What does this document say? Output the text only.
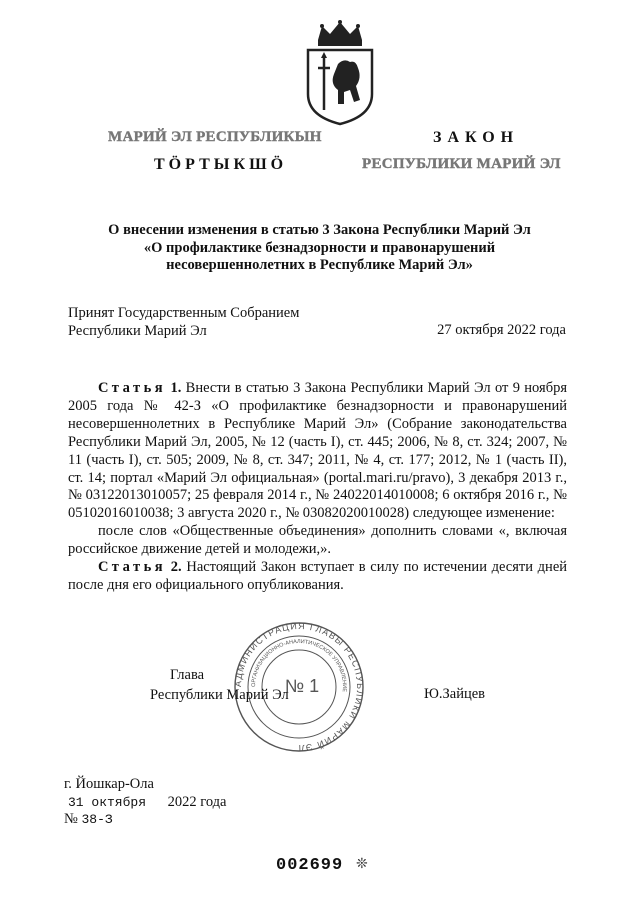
МАРИЙ ЭЛ РЕСПУБЛИКЫН
ТӦРТЫКШӦ
ЗАКОН
РЕСПУБЛИКИ МАРИЙ ЭЛ
О внесении изменения в статью 3 Закона Республики Марий Эл
«О профилактике безнадзорности и правонарушений
несовершеннолетних в Республике Марий Эл»
Принят Государственным Собранием
Республики Марий Эл	27 октября 2022 года

Статья 1. Внести в статью 3 Закона Республики Марий Эл от 9 ноября 2005 года № 42-З «О профилактике безнадзорности и правонарушений несовершеннолетних в Республике Марий Эл» (Собрание законодательства Республики Марий Эл, 2005, № 12 (часть I), ст. 445; 2006, № 8, ст. 324; 2007, № 11 (часть I), ст. 505; 2009, № 8, ст. 347; 2011, № 4, ст. 177; 2012, № 1 (часть II), ст. 14; портал «Марий Эл официальная» (portal.mari.ru/pravo), 3 декабря 2013 г., № 03122013010057; 25 февраля 2014 г., № 24022014010008; 6 октября 2016 г., № 05102016010038; 3 августа 2020 г., № 03082020010028) следующее изменение:

после слов «Общественные объединения» дополнить словами «, включая российское движение детей и молодежи,».

Статья 2. Настоящий Закон вступает в силу по истечении десяти дней после дня его официального опубликования.

АДМИНИСТРАЦИЯ ГЛАВЫ РЕСПУБЛИКИ МАРИЙ ЭЛ
ОРГАНИЗАЦИОННО-АНАЛИТИЧЕСКОЕ УПРАВЛЕНИЕ
№ 1
Глава
Республики Марий Эл	Ю.Зайцев
г. Йошкар-Ола
31 октября 2022 года
№ 38-З
002699 ❊
